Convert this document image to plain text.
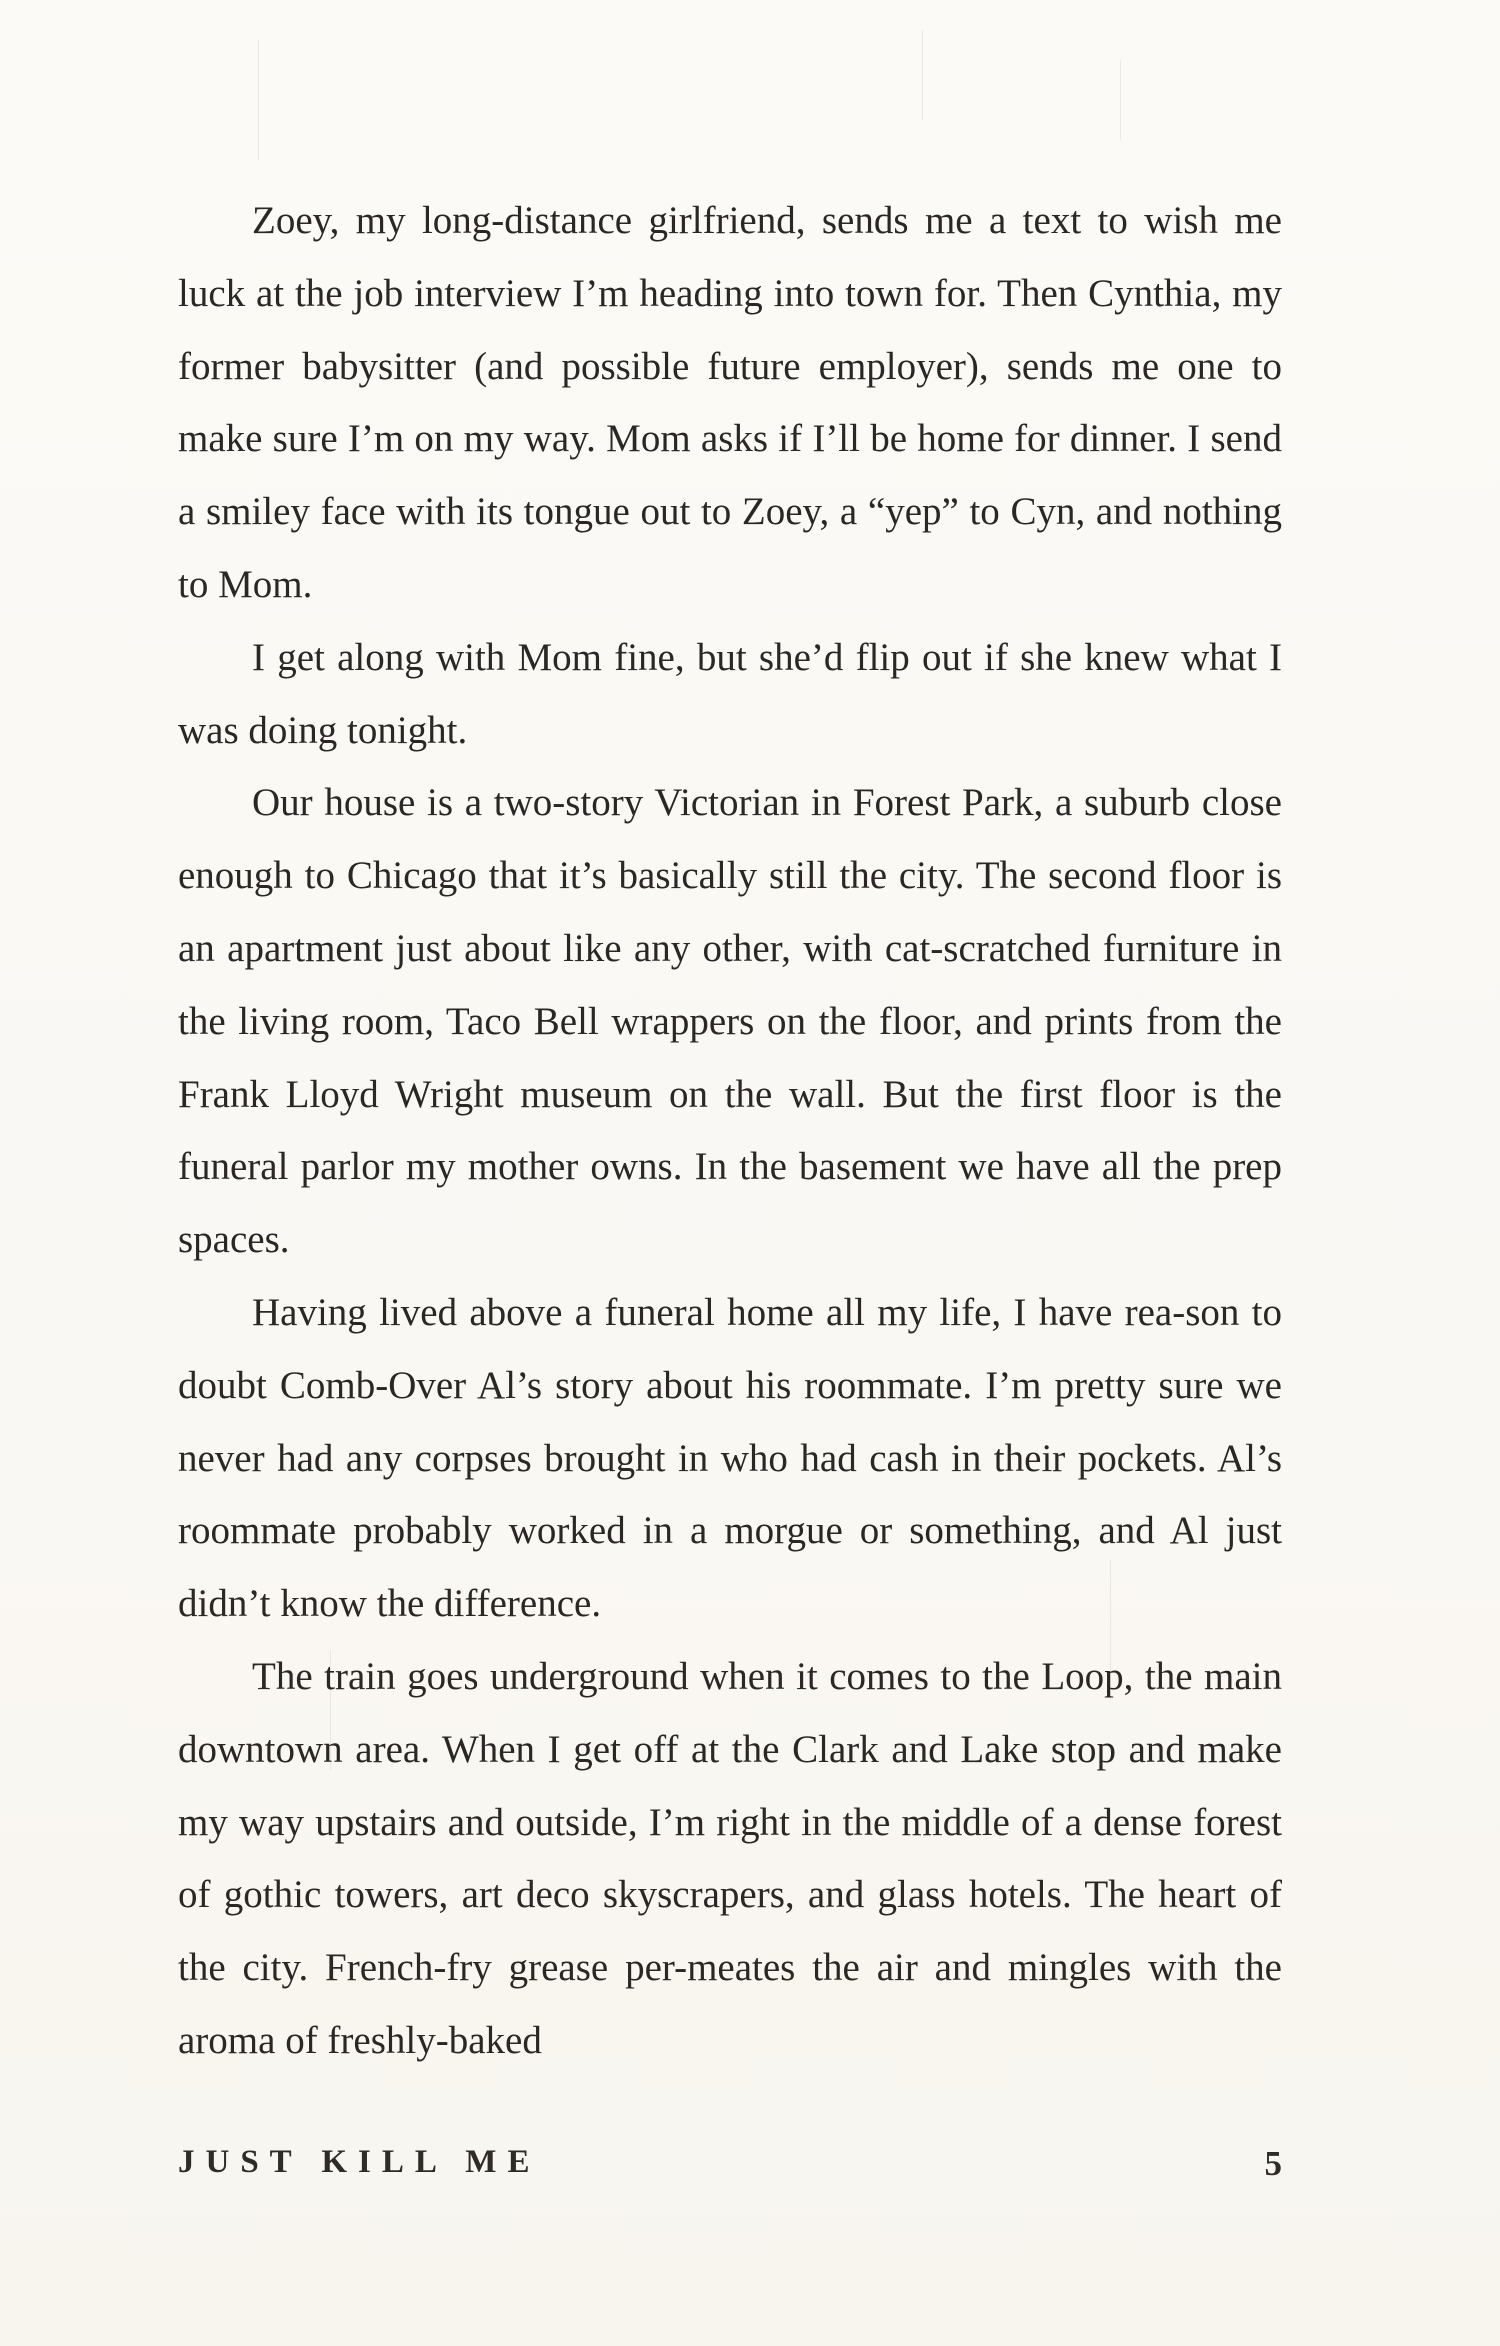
Zoey, my long-distance girlfriend, sends me a text to wish me luck at the job interview I’m heading into town for. Then Cynthia, my former babysitter (and possible future employer), sends me one to make sure I’m on my way. Mom asks if I’ll be home for dinner. I send a smiley face with its tongue out to Zoey, a “yep” to Cyn, and nothing to Mom.

I get along with Mom fine, but she’d flip out if she knew what I was doing tonight.

Our house is a two-story Victorian in Forest Park, a suburb close enough to Chicago that it’s basically still the city. The second floor is an apartment just about like any other, with cat-scratched furniture in the living room, Taco Bell wrappers on the floor, and prints from the Frank Lloyd Wright museum on the wall. But the first floor is the funeral parlor my mother owns. In the basement we have all the prep spaces.

Having lived above a funeral home all my life, I have rea-son to doubt Comb-Over Al’s story about his roommate. I’m pretty sure we never had any corpses brought in who had cash in their pockets. Al’s roommate probably worked in a morgue or something, and Al just didn’t know the difference.

The train goes underground when it comes to the Loop, the main downtown area. When I get off at the Clark and Lake stop and make my way upstairs and outside, I’m right in the middle of a dense forest of gothic towers, art deco skyscrapers, and glass hotels. The heart of the city. French-fry grease per-meates the air and mingles with the aroma of freshly-baked

JUST KILL ME	5
